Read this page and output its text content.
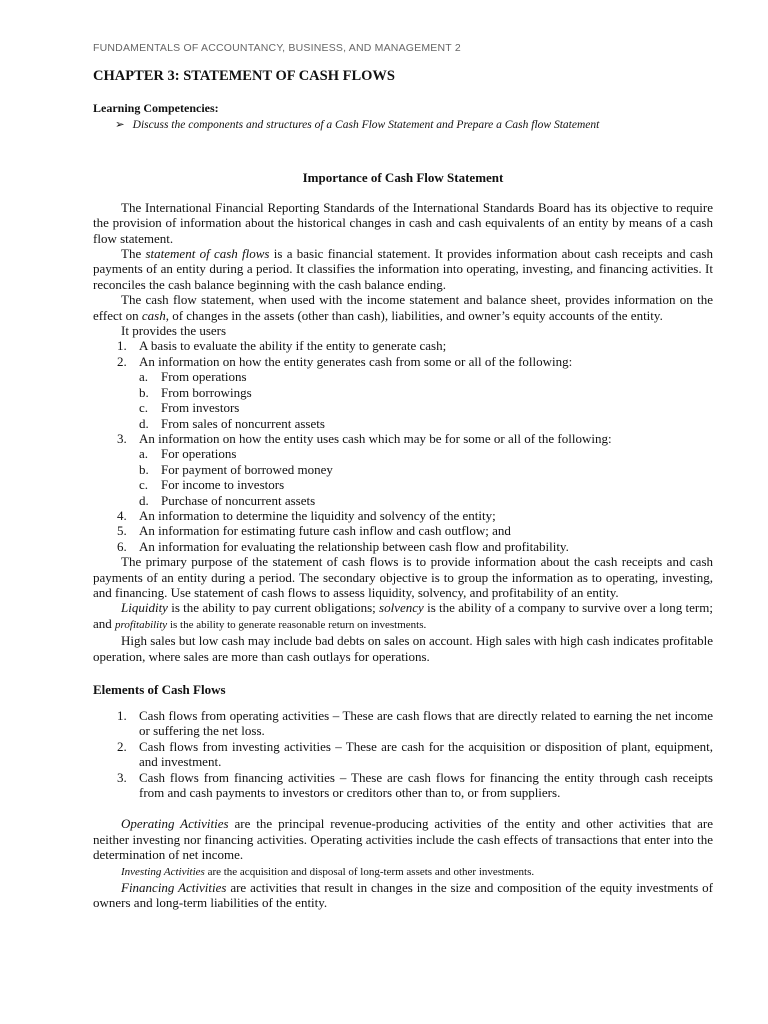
FUNDAMENTALS OF ACCOUNTANCY, BUSINESS, AND MANAGEMENT 2
CHAPTER 3: STATEMENT OF CASH FLOWS

Learning Competencies:

➢ Discuss the components and structures of a Cash Flow Statement and Prepare a Cash flow Statement

Importance of Cash Flow Statement

The International Financial Reporting Standards of the International Standards Board has its objective to require the provision of information about the historical changes in cash and cash equivalents of an entity by means of a cash flow statement.

The statement of cash flows is a basic financial statement. It provides information about cash receipts and cash payments of an entity during a period. It classifies the information into operating, investing, and financing activities. It reconciles the cash balance beginning with the cash balance ending.

The cash flow statement, when used with the income statement and balance sheet, provides information on the effect on cash, of changes in the assets (other than cash), liabilities, and owner’s equity accounts of the entity.

It provides the users

1. A basis to evaluate the ability if the entity to generate cash;
2. An information on how the entity generates cash from some or all of the following:
a. From operations
b. From borrowings
c. From investors
d. From sales of noncurrent assets
3. An information on how the entity uses cash which may be for some or all of the following:
a. For operations
b. For payment of borrowed money
c. For income to investors
d. Purchase of noncurrent assets
4. An information to determine the liquidity and solvency of the entity;
5. An information for estimating future cash inflow and cash outflow; and
6. An information for evaluating the relationship between cash flow and profitability.

The primary purpose of the statement of cash flows is to provide information about the cash receipts and cash payments of an entity during a period. The secondary objective is to group the information as to operating, investing, and financing. Use statement of cash flows to assess liquidity, solvency, and profitability of an entity.

Liquidity is the ability to pay current obligations; solvency is the ability of a company to survive over a long term; and profitability is the ability to generate reasonable return on investments.

High sales but low cash may include bad debts on sales on account. High sales with high cash indicates profitable operation, where sales are more than cash outlays for operations.

Elements of Cash Flows
1. Cash flows from operating activities – These are cash flows that are directly related to earning the net income or suffering the net loss.
2. Cash flows from investing activities – These are cash for the acquisition or disposition of plant, equipment, and investment.
3. Cash flows from financing activities – These are cash flows for financing the entity through cash receipts from and cash payments to investors or creditors other than to, or from suppliers.

Operating Activities are the principal revenue-producing activities of the entity and other activities that are neither investing nor financing activities. Operating activities include the cash effects of transactions that enter into the determination of net income.

Investing Activities are the acquisition and disposal of long-term assets and other investments.

Financing Activities are activities that result in changes in the size and composition of the equity investments of owners and long-term liabilities of the entity.
